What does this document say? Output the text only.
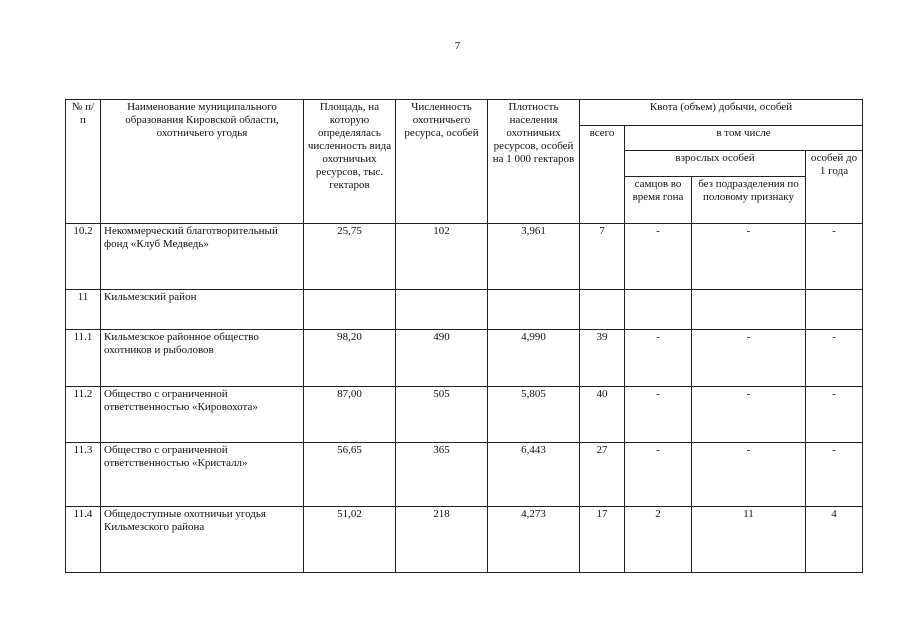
7
№ п/п	Наименование муниципального образования Кировской области, охотничьего угодья	Площадь, на которую определялась численность вида охотничьих ресурсов, тыс. гектаров	Численность охотничьего ресурса, особей	Плотность населения охотничьих ресурсов, особей на 1 000 гектаров	Квота (объем) добычи, особей			
					всего	в том числе		
						взрослых особей		особей до 1 года
						самцов во время гона	без подразделения по половому признаку	
10.2	Некоммерческий благотворительный фонд «Клуб Медведь»	25,75	102	3,961	7	-	-	-
11	Кильмезский район							
11.1	Кильмезское районное общество охотников и рыболовов	98,20	490	4,990	39	-	-	-
11.2	Общество с ограниченной ответственностью «Кировохота»	87,00	505	5,805	40	-	-	-
11.3	Общество с ограниченной ответственностью «Кристалл»	56,65	365	6,443	27	-	-	-
11.4	Общедоступные охотничьи угодья Кильмезского района	51,02	218	4,273	17	2	11	4
